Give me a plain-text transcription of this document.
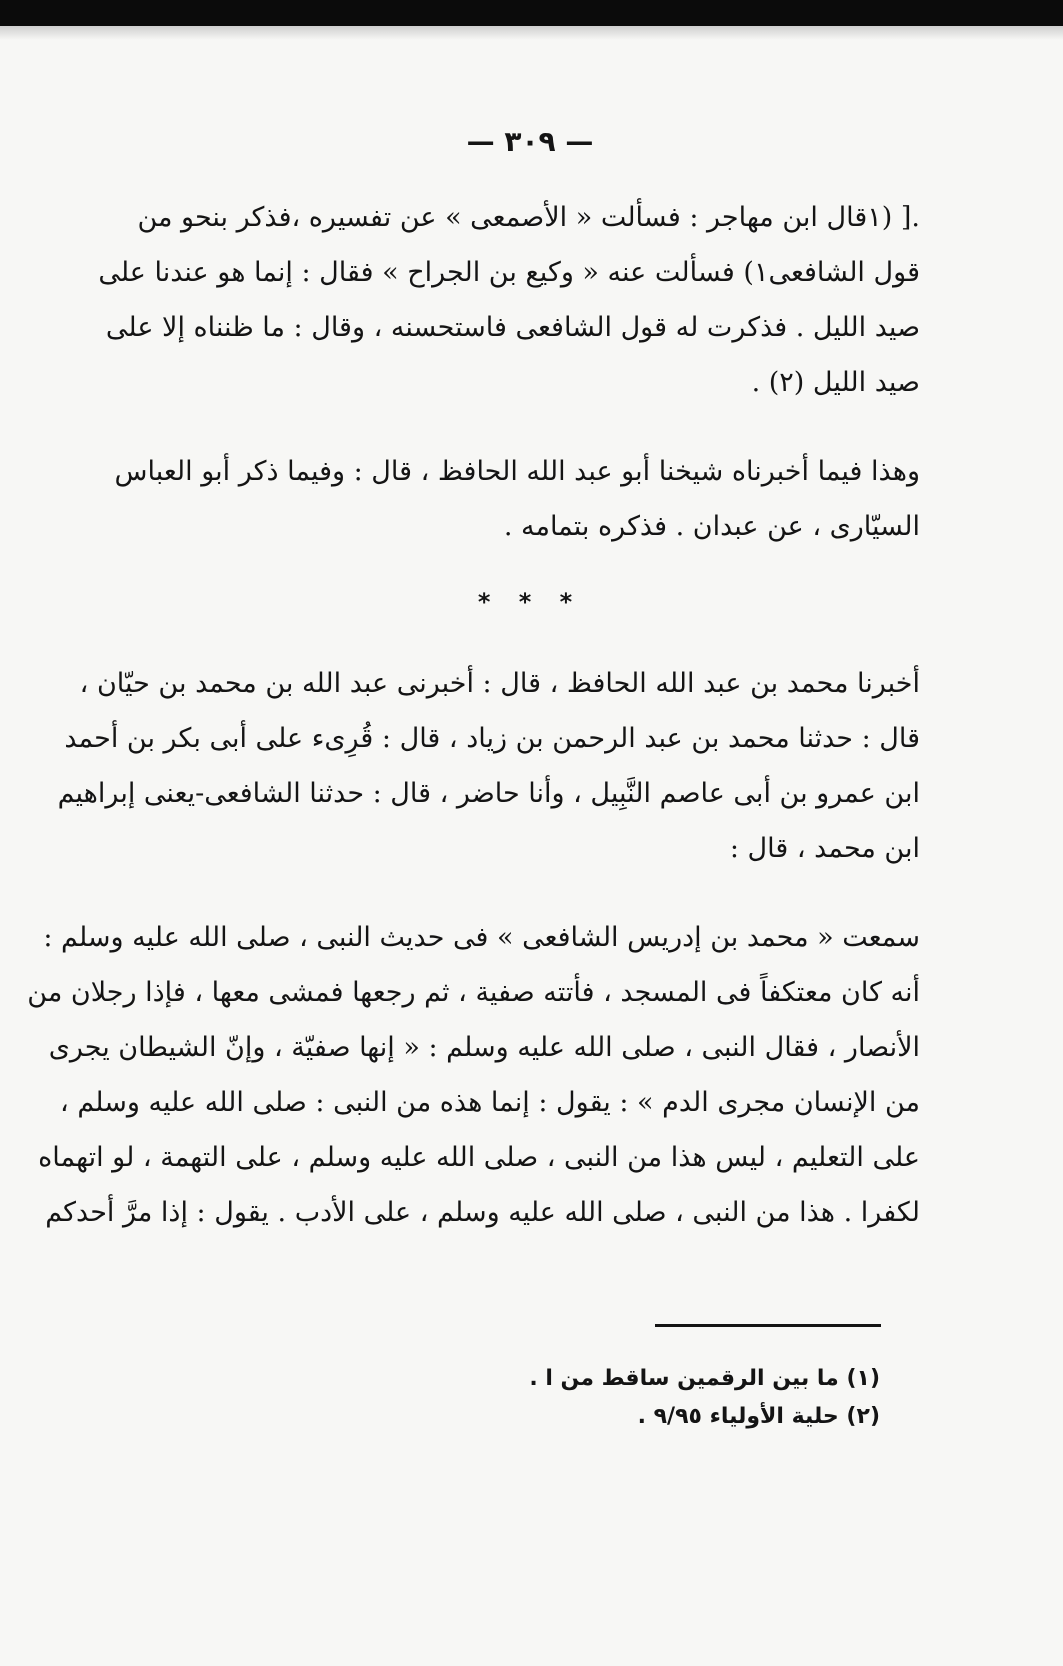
— ٣٠٩ —
.[ (١قال ابن مهاجر : فسألت « الأصمعى » عن تفسيره ،فذكر بنحو من
قول الشافعى١) فسألت عنه « وكيع بن الجراح » فقال : إنما هو عندنا على
صيد الليل . فذكرت له قول الشافعى فاستحسنه ، وقال : ما ظنناه إلا على
صيد الليل (٢) .
وهذا فيما أخبرناه شيخنا أبو عبد الله الحافظ ، قال : وفيما ذكر أبو العباس
السيّارى ، عن عبدان . فذكره بتمامه .
* * *
أخبرنا محمد بن عبد الله الحافظ ، قال : أخبرنى عبد الله بن محمد بن حيّان ،
قال : حدثنا محمد بن عبد الرحمن بن زياد ، قال : قُرِىء على أبى بكر بن أحمد
ابن عمرو بن أبى عاصم النَّبِيل ، وأنا حاضر ، قال : حدثنا الشافعى-يعنى إبراهيم
ابن محمد ، قال :
سمعت « محمد بن إدريس الشافعى » فى حديث النبى ، صلى الله عليه وسلم :
أنه كان معتكفاً فى المسجد ، فأتته صفية ، ثم رجعها فمشى معها ، فإذا رجلان من
الأنصار ، فقال النبى ، صلى الله عليه وسلم : « إنها صفيّة ، وإنّ الشيطان يجرى
من الإنسان مجرى الدم » : يقول : إنما هذه من النبى : صلى الله عليه وسلم ،
على التعليم ، ليس هذا من النبى ، صلى الله عليه وسلم ، على التهمة ، لو اتهماه
لكفرا . هذا من النبى ، صلى الله عليه وسلم ، على الأدب . يقول : إذا مرَّ أحدكم
(١) ما بين الرقمين ساقط من ا .
(٢) حلية الأولياء ٩/٩٥ .
